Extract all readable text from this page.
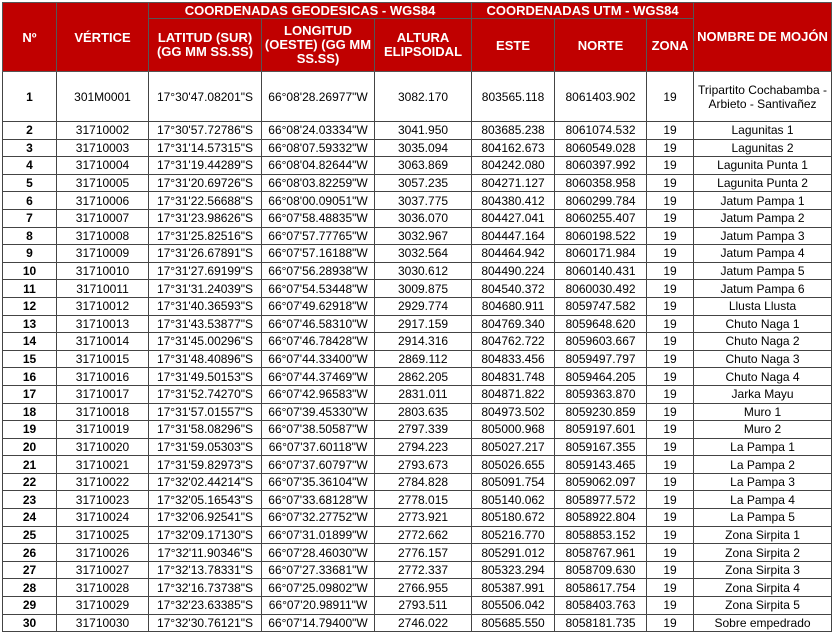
Nº	VÉRTICE	COORDENADAS GEODESICAS - WGS84			COORDENADAS UTM - WGS84			NOMBRE DE MOJÓN
		LATITUD (SUR) (GG MM SS.SS)	LONGITUD (OESTE) (GG MM SS.SS)	ALTURA ELIPSOIDAL	ESTE	NORTE	ZONA	
1	301M0001	17°30'47.08201"S	66°08'28.26977"W	3082.170	803565.118	8061403.902	19	Tripartito Cochabamba - Arbieto - Santivañez
2	31710002	17°30'57.72786"S	66°08'24.03334"W	3041.950	803685.238	8061074.532	19	Lagunitas 1
3	31710003	17°31'14.57315"S	66°08'07.59332"W	3035.094	804162.673	8060549.028	19	Lagunitas 2
4	31710004	17°31'19.44289"S	66°08'04.82644"W	3063.869	804242.080	8060397.992	19	Lagunita Punta 1
5	31710005	17°31'20.69726"S	66°08'03.82259"W	3057.235	804271.127	8060358.958	19	Lagunita Punta 2
6	31710006	17°31'22.56688"S	66°08'00.09051"W	3037.775	804380.412	8060299.784	19	Jatum Pampa 1
7	31710007	17°31'23.98626"S	66°07'58.48835"W	3036.070	804427.041	8060255.407	19	Jatum Pampa 2
8	31710008	17°31'25.82516"S	66°07'57.77765"W	3032.967	804447.164	8060198.522	19	Jatum Pampa 3
9	31710009	17°31'26.67891"S	66°07'57.16188"W	3032.564	804464.942	8060171.984	19	Jatum Pampa 4
10	31710010	17°31'27.69199"S	66°07'56.28938"W	3030.612	804490.224	8060140.431	19	Jatum Pampa 5
11	31710011	17°31'31.24039"S	66°07'54.53448"W	3009.875	804540.372	8060030.492	19	Jatum Pampa 6
12	31710012	17°31'40.36593"S	66°07'49.62918"W	2929.774	804680.911	8059747.582	19	Llusta Llusta
13	31710013	17°31'43.53877"S	66°07'46.58310"W	2917.159	804769.340	8059648.620	19	Chuto Naga 1
14	31710014	17°31'45.00296"S	66°07'46.78428"W	2914.316	804762.722	8059603.667	19	Chuto Naga 2
15	31710015	17°31'48.40896"S	66°07'44.33400"W	2869.112	804833.456	8059497.797	19	Chuto Naga 3
16	31710016	17°31'49.50153"S	66°07'44.37469"W	2862.205	804831.748	8059464.205	19	Chuto Naga 4
17	31710017	17°31'52.74270"S	66°07'42.96583"W	2831.011	804871.822	8059363.870	19	Jarka Mayu
18	31710018	17°31'57.01557"S	66°07'39.45330"W	2803.635	804973.502	8059230.859	19	Muro 1
19	31710019	17°31'58.08296"S	66°07'38.50587"W	2797.339	805000.968	8059197.601	19	Muro 2
20	31710020	17°31'59.05303"S	66°07'37.60118"W	2794.223	805027.217	8059167.355	19	La Pampa 1
21	31710021	17°31'59.82973"S	66°07'37.60797"W	2793.673	805026.655	8059143.465	19	La Pampa 2
22	31710022	17°32'02.44214"S	66°07'35.36104"W	2784.828	805091.754	8059062.097	19	La Pampa 3
23	31710023	17°32'05.16543"S	66°07'33.68128"W	2778.015	805140.062	8058977.572	19	La Pampa 4
24	31710024	17°32'06.92541"S	66°07'32.27752"W	2773.921	805180.672	8058922.804	19	La Pampa 5
25	31710025	17°32'09.17130"S	66°07'31.01899"W	2772.662	805216.770	8058853.152	19	Zona Sirpita 1
26	31710026	17°32'11.90346"S	66°07'28.46030"W	2776.157	805291.012	8058767.961	19	Zona Sirpita 2
27	31710027	17°32'13.78331"S	66°07'27.33681"W	2772.337	805323.294	8058709.630	19	Zona Sirpita 3
28	31710028	17°32'16.73738"S	66°07'25.09802"W	2766.955	805387.991	8058617.754	19	Zona Sirpita 4
29	31710029	17°32'23.63385"S	66°07'20.98911"W	2793.511	805506.042	8058403.763	19	Zona Sirpita 5
30	31710030	17°32'30.76121"S	66°07'14.79400"W	2746.022	805685.550	8058181.735	19	Sobre empedrado
